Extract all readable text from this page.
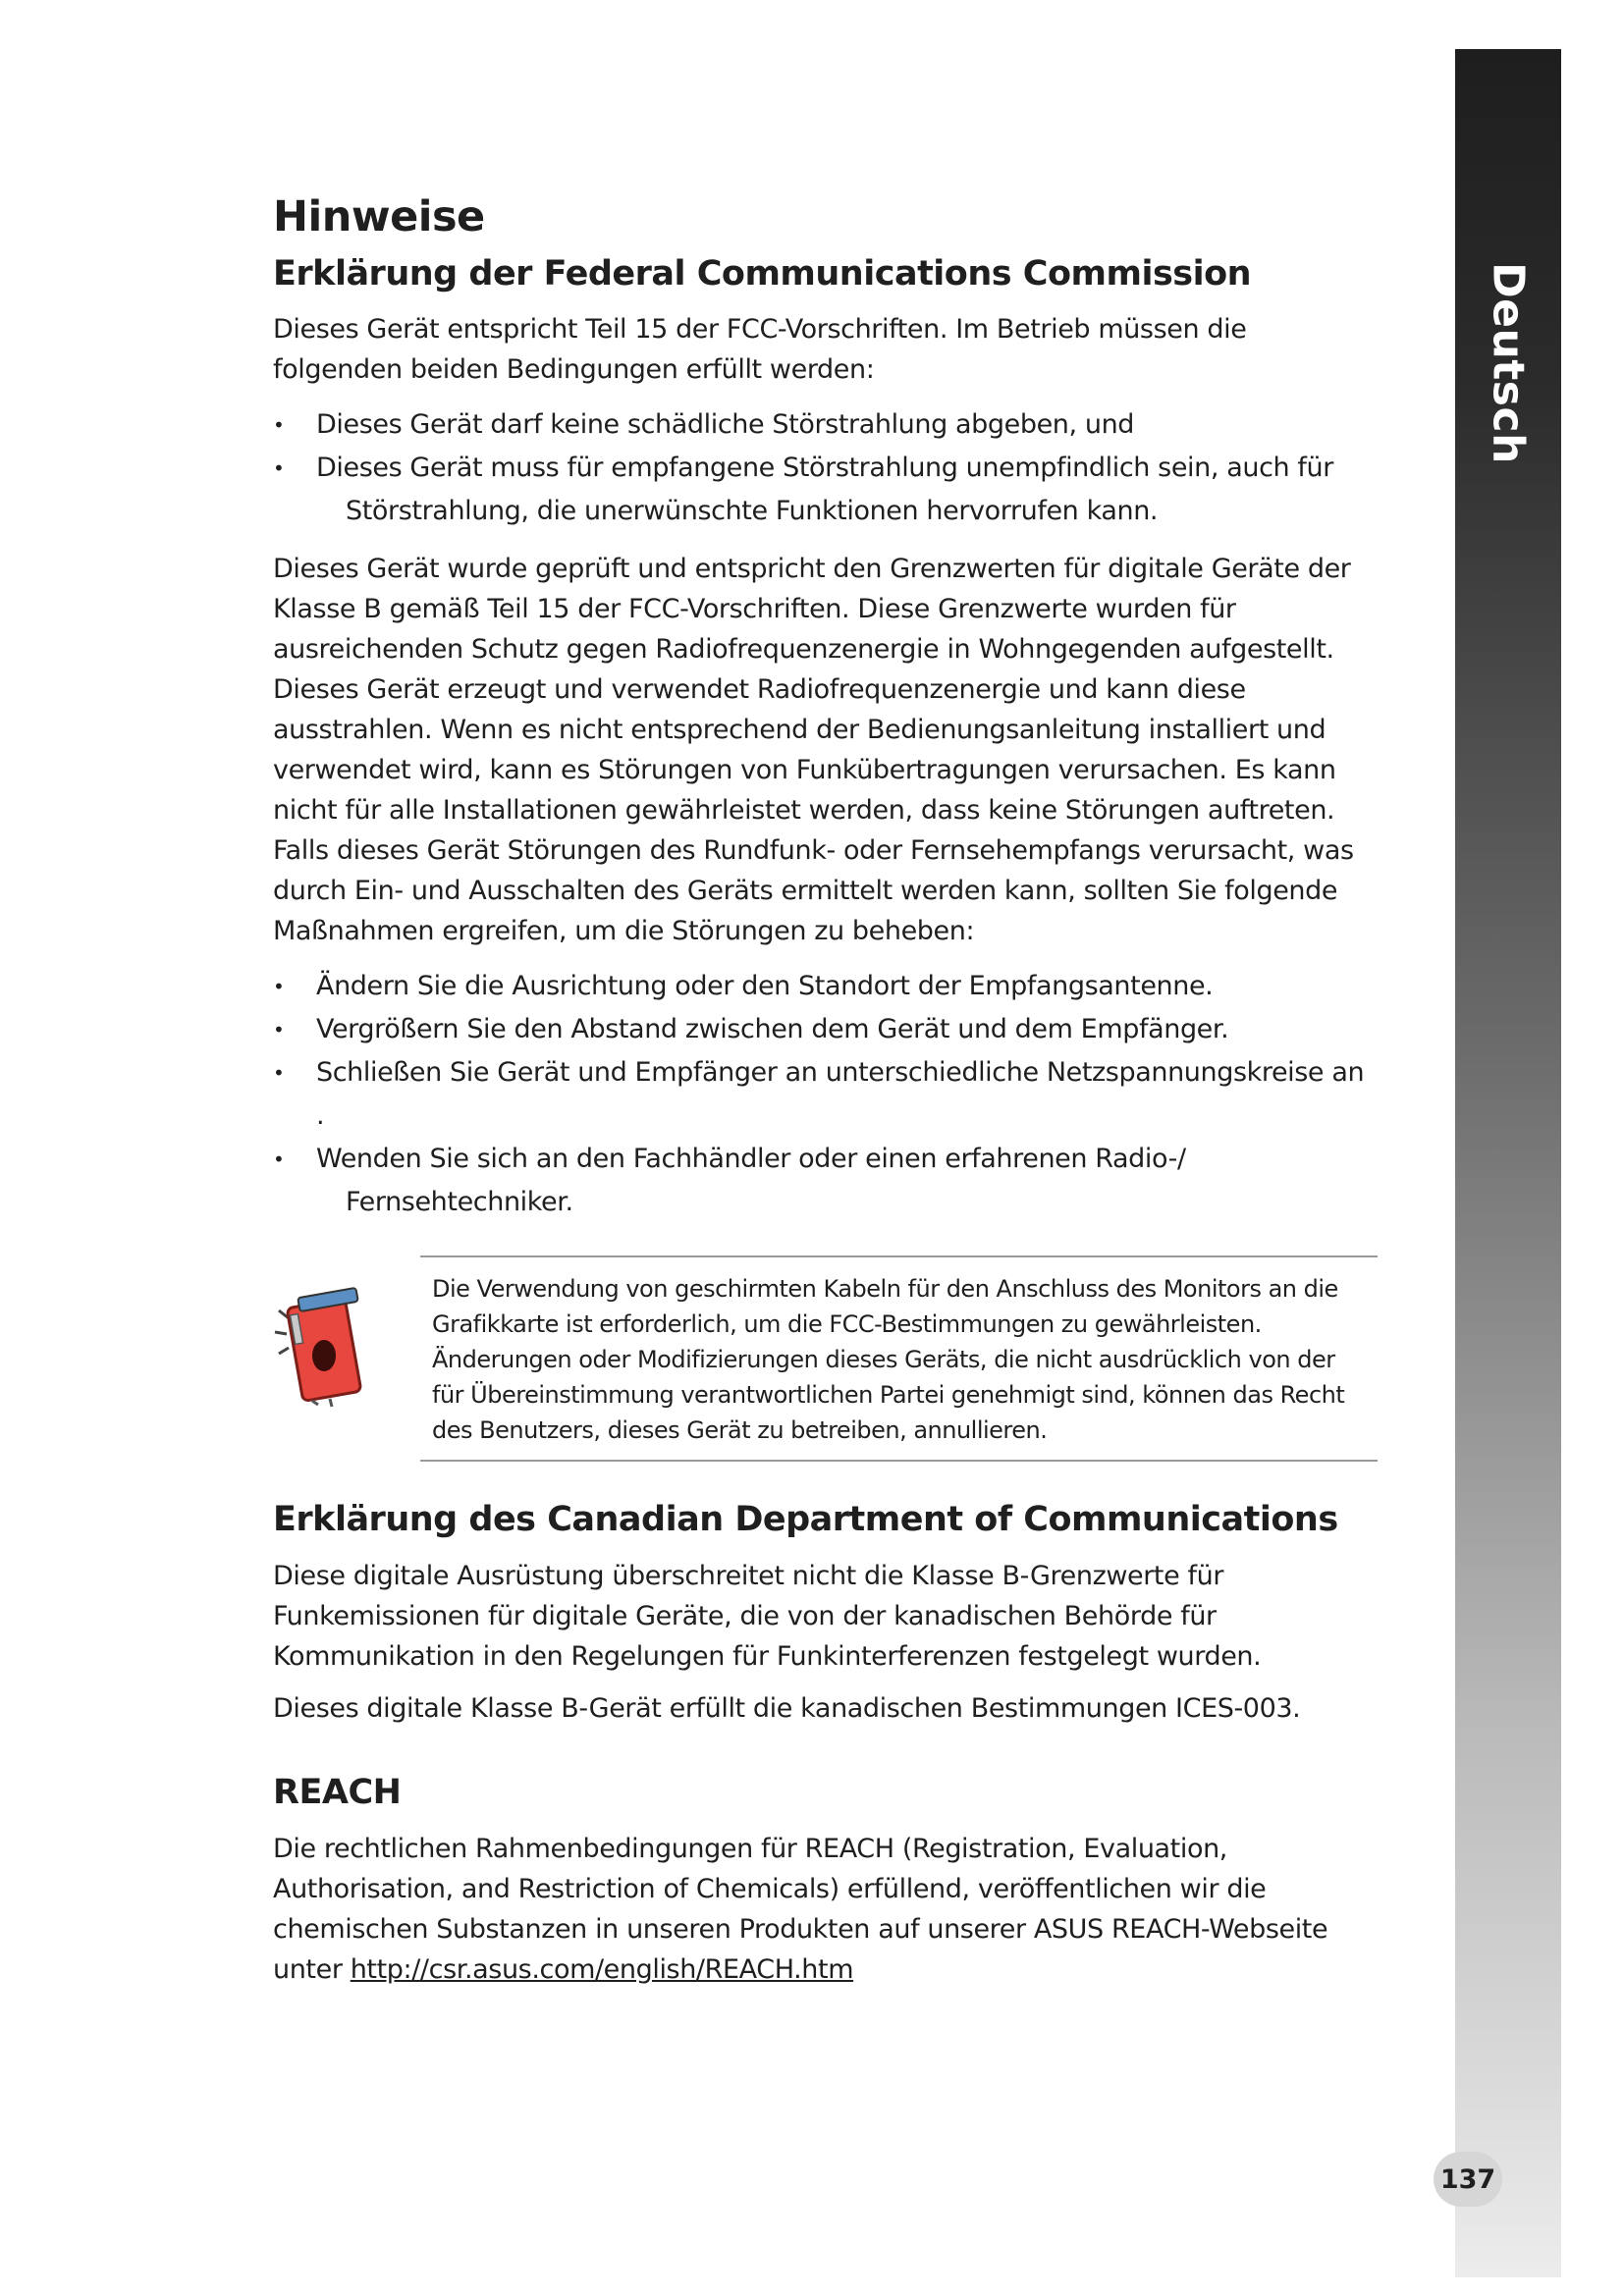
Hinweise
Erklärung der Federal Communications Commission

Dieses Gerät entspricht Teil 15 der FCC-Vorschriften. Im Betrieb müssen die folgenden beiden Bedingungen erfüllt werden:

• Dieses Gerät darf keine schädliche Störstrahlung abgeben, und
• Dieses Gerät muss für empfangene Störstrahlung unempfindlich sein, auch für
Störstrahlung, die unerwünschte Funktionen hervorrufen kann.

Dieses Gerät wurde geprüft und entspricht den Grenzwerten für digitale Geräte der Klasse B gemäß Teil 15 der FCC-Vorschriften. Diese Grenzwerte wurden für ausreichenden Schutz gegen Radiofrequenzenergie in Wohngegenden aufgestellt. Dieses Gerät erzeugt und verwendet Radiofrequenzenergie und kann diese ausstrahlen. Wenn es nicht entsprechend der Bedienungsanleitung installiert und verwendet wird, kann es Störungen von Funkübertragungen verursachen. Es kann nicht für alle Installationen gewährleistet werden, dass keine Störungen auftreten. Falls dieses Gerät Störungen des Rundfunk- oder Fernsehempfangs verursacht, was durch Ein- und Ausschalten des Geräts ermittelt werden kann, sollten Sie folgende Maßnahmen ergreifen, um die Störungen zu beheben:

• Ändern Sie die Ausrichtung oder den Standort der Empfangsantenne.
• Vergrößern Sie den Abstand zwischen dem Gerät und dem Empfänger.
• Schließen Sie Gerät und Empfänger an unterschiedliche Netzspannungskreise an .
• Wenden Sie sich an den Fachhändler oder einen erfahrenen Radio-/
Fernsehtechniker.

Die Verwendung von geschirmten Kabeln für den Anschluss des Monitors an die Grafikkarte ist erforderlich, um die FCC-Bestimmungen zu gewährleisten. Änderungen oder Modifizierungen dieses Geräts, die nicht ausdrücklich von der für Übereinstimmung verantwortlichen Partei genehmigt sind, können das Recht des Benutzers, dieses Gerät zu betreiben, annullieren.

Erklärung des Canadian Department of Communications

Diese digitale Ausrüstung überschreitet nicht die Klasse B-Grenzwerte für Funkemissionen für digitale Geräte, die von der kanadischen Behörde für Kommunikation in den Regelungen für Funkinterferenzen festgelegt wurden.

Dieses digitale Klasse B-Gerät erfüllt die kanadischen Bestimmungen ICES-003.

REACH

Die rechtlichen Rahmenbedingungen für REACH (Registration, Evaluation, Authorisation, and Restriction of Chemicals) erfüllend, veröffentlichen wir die chemischen Substanzen in unseren Produkten auf unserer ASUS REACH-Webseite unter http://csr.asus.com/english/REACH.htm

Deutsch
137
